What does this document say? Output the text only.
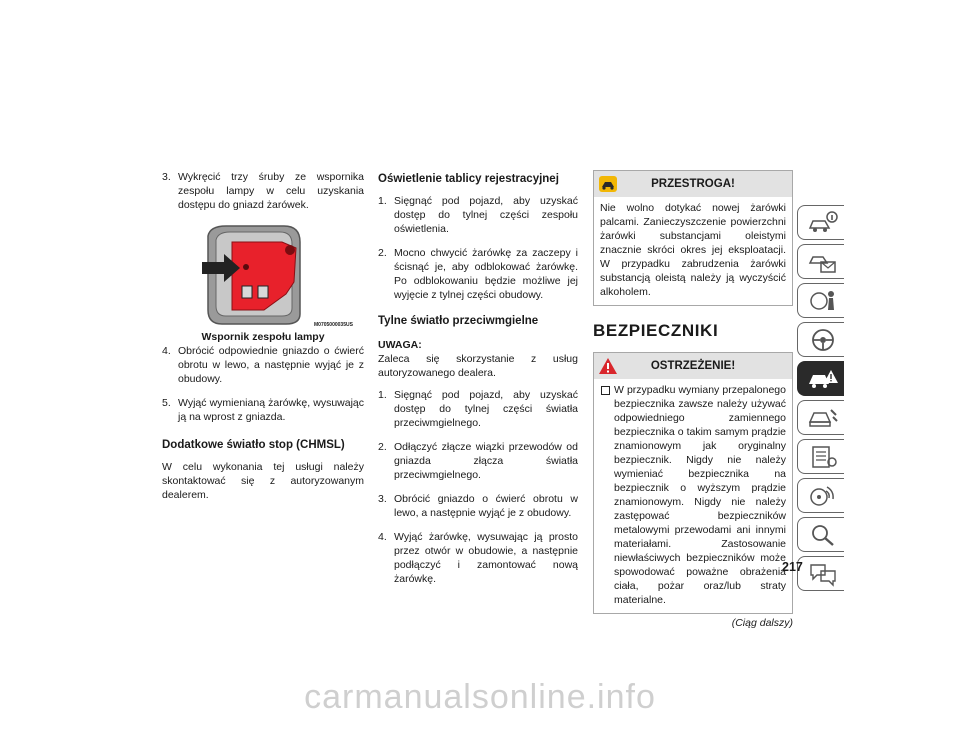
3. Wykręcić trzy śruby ze wspornika zespołu lampy w celu uzyskania dostępu do gniazd żarówek.

M0705000035US

Wspornik zespołu lampy

4. Obrócić odpowiednie gniazdo o ćwierć obrotu w lewo, a następnie wyjąć je z obudowy.

5. Wyjąć wymienianą żarówkę, wysuwając ją na wprost z gniazda.

Dodatkowe światło stop (CHMSL)

W celu wykonania tej usługi należy skontaktować się z autoryzowanym dealerem.

Oświetlenie tablicy rejestracyjnej
1. Sięgnąć pod pojazd, aby uzyskać dostęp do tylnej części zespołu oświetlenia.

2. Mocno chwycić żarówkę za zaczepy i ścisnąć je, aby odblokować żarówkę. Po odblokowaniu będzie możliwe jej wyjęcie z tylnej części obudowy.

Tylne światło przeciwmgielne

UWAGA:

Zaleca się skorzystanie z usług autoryzowanego dealera.

1. Sięgnąć pod pojazd, aby uzyskać dostęp do tylnej części światła przeciwmgielnego.

2. Odłączyć złącze wiązki przewodów od gniazda złącza światła przeciwmgielnego.

3. Obrócić gniazdo o ćwierć obrotu w lewo, a następnie wyjąć je z obudowy.

4. Wyjąć żarówkę, wysuwając ją prosto przez otwór w obudowie, a następnie podłączyć i zamontować nową żarówkę.

PRZESTROGA!

Nie wolno dotykać nowej żarówki palcami. Zanieczyszczenie powierzchni żarówki substancjami oleistymi znacznie skróci okres jej eksploatacji. W przypadku zabrudzenia żarówki substancją oleistą należy ją wyczyścić alkoholem.

BEZPIECZNIKI
OSTRZEŻENIE!

W przypadku wymiany przepalonego bezpiecznika zawsze należy używać odpowiedniego zamiennego bezpiecznika o takim samym prądzie znamionowym jak oryginalny bezpiecznik. Nigdy nie należy wymieniać bezpiecznika na bezpiecznik o wyższym prądzie znamionowym. Nigdy nie należy zastępować bezpieczników metalowymi przewodami ani innymi materiałami. Zastosowanie niewłaściwych bezpieczników może spowodować poważne obrażenia ciała, pożar oraz/lub straty materialne.

(Ciąg dalszy)
217
carmanualsonline.info
